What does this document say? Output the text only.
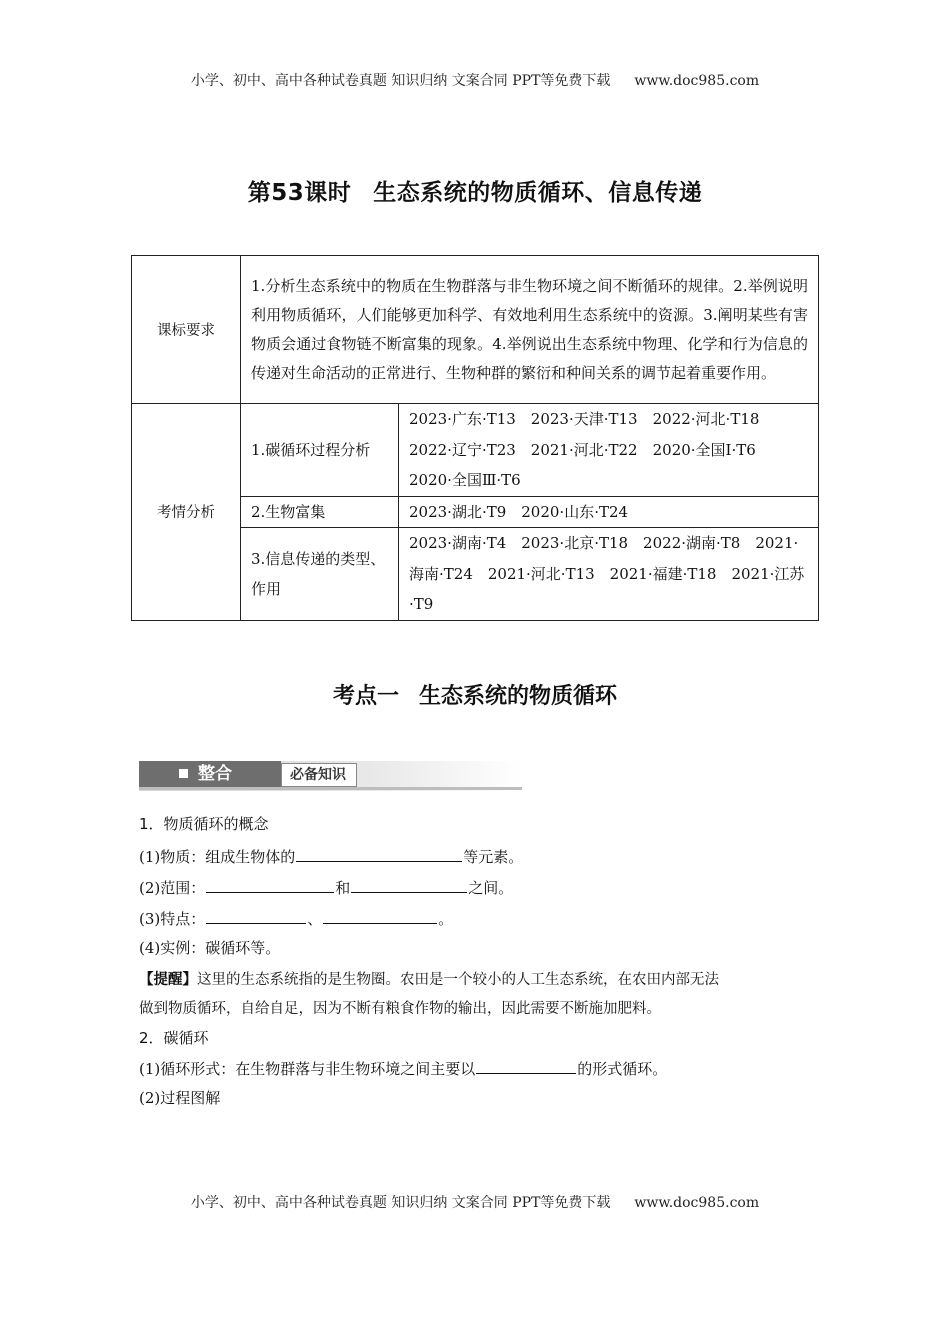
小学、初中、高中各种试卷真题 知识归纳 文案合同 PPT等免费下载 www.doc985.com
第53课时 生态系统的物质循环、信息传递
课标要求	1.分析生态系统中的物质在生物群落与非生物环境之间不断循环的规律。2.举例说明利用物质循环，人们能够更加科学、有效地利用生态系统中的资源。3.阐明某些有害物质会通过食物链不断富集的现象。4.举例说出生态系统中物理、化学和行为信息的传递对生命活动的正常进行、生物种群的繁衍和种间关系的调节起着重要作用。	
考情分析	1.碳循环过程分析	2023·广东·T13　2023·天津·T13　2022·河北·T18　2022·辽宁·T23　2021·河北·T22　2020·全国Ⅰ·T6　2020·全国Ⅲ·T6
	2.生物富集	2023·湖北·T9　2020·山东·T24
	3.信息传递的类型、作用	2023·湖南·T4　2023·北京·T18　2022·湖南·T8　2021·海南·T24　2021·河北·T13　2021·福建·T18　2021·江苏·T9
考点一 生态系统的物质循环
整合	必备知识
1．物质循环的概念
(1)物质：组成生物体的	等元素。
(2)范围：	和	之间。
(3)特点：	、	。
(4)实例：碳循环等。
【提醒】这里的生态系统指的是生物圈。农田是一个较小的人工生态系统，在农田内部无法
做到物质循环，自给自足，因为不断有粮食作物的输出，因此需要不断施加肥料。
2．碳循环
(1)循环形式：在生物群落与非生物环境之间主要以	的形式循环。
(2)过程图解
小学、初中、高中各种试卷真题 知识归纳 文案合同 PPT等免费下载 www.doc985.com
